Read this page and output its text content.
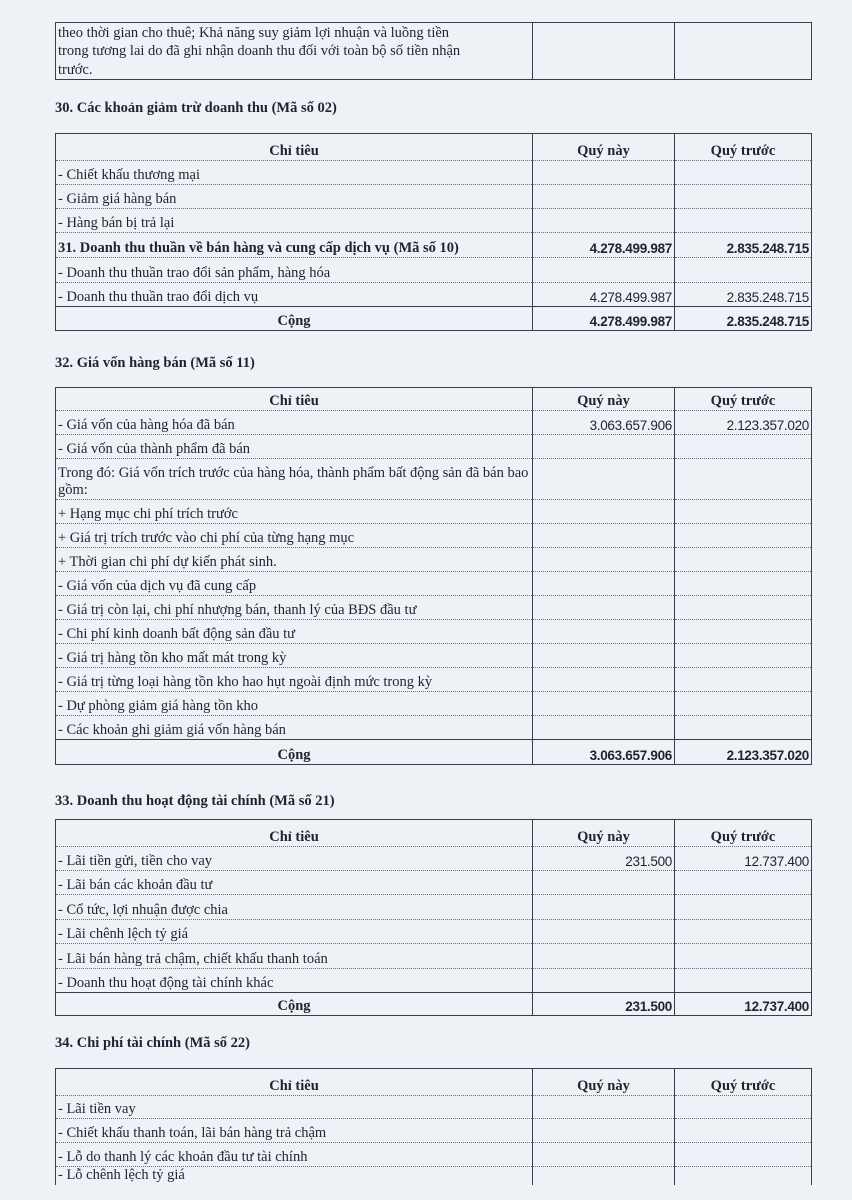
theo thời gian cho thuê; Khả năng suy giảm lợi nhuận và luồng tiền
trong tương lai do đã ghi nhận doanh thu đối với toàn bộ số tiền nhận
trước.		
30. Các khoản giảm trừ doanh thu (Mã số 02)
Chỉ tiêu	Quý này	Quý trước
- Chiết khấu thương mại		
- Giảm giá hàng bán		
- Hàng bán bị trả lại		
31. Doanh thu thuần về bán hàng và cung cấp dịch vụ (Mã số 10)	4.278.499.987	2.835.248.715
- Doanh thu thuần trao đổi sản phẩm, hàng hóa		
- Doanh thu thuần trao đổi dịch vụ	4.278.499.987	2.835.248.715
Cộng	4.278.499.987	2.835.248.715
32. Giá vốn hàng bán (Mã số 11)
Chỉ tiêu	Quý này	Quý trước
- Giá vốn của hàng hóa đã bán	3.063.657.906	2.123.357.020
- Giá vốn của thành phẩm đã bán		
Trong đó: Giá vốn trích trước của hàng hóa, thành phẩm bất động sản đã bán bao gồm:		
+ Hạng mục chi phí trích trước		
+ Giá trị trích trước vào chi phí của từng hạng mục		
+ Thời gian chi phí dự kiến phát sinh.		
- Giá vốn của dịch vụ đã cung cấp		
- Giá trị còn lại, chi phí nhượng bán, thanh lý của BĐS đầu tư		
- Chi phí kinh doanh bất động sản đầu tư		
- Giá trị hàng tồn kho mất mát trong kỳ		
- Giá trị từng loại hàng tồn kho hao hụt ngoài định mức trong kỳ		
- Dự phòng giảm giá hàng tồn kho		
- Các khoản ghi giảm giá vốn hàng bán		
Cộng	3.063.657.906	2.123.357.020
33. Doanh thu hoạt động tài chính (Mã số 21)
Chỉ tiêu	Quý này	Quý trước
- Lãi tiền gửi, tiền cho vay	231.500	12.737.400
- Lãi bán các khoản đầu tư		
- Cổ tức, lợi nhuận được chia		
- Lãi chênh lệch tỷ giá		
- Lãi bán hàng trả chậm, chiết khấu thanh toán		
- Doanh thu hoạt động tài chính khác		
Cộng	231.500	12.737.400
34. Chi phí tài chính (Mã số 22)
Chỉ tiêu	Quý này	Quý trước
- Lãi tiền vay		
- Chiết khấu thanh toán, lãi bán hàng trả chậm		
- Lỗ do thanh lý các khoản đầu tư tài chính		
- Lỗ chênh lệch tỷ giá		
